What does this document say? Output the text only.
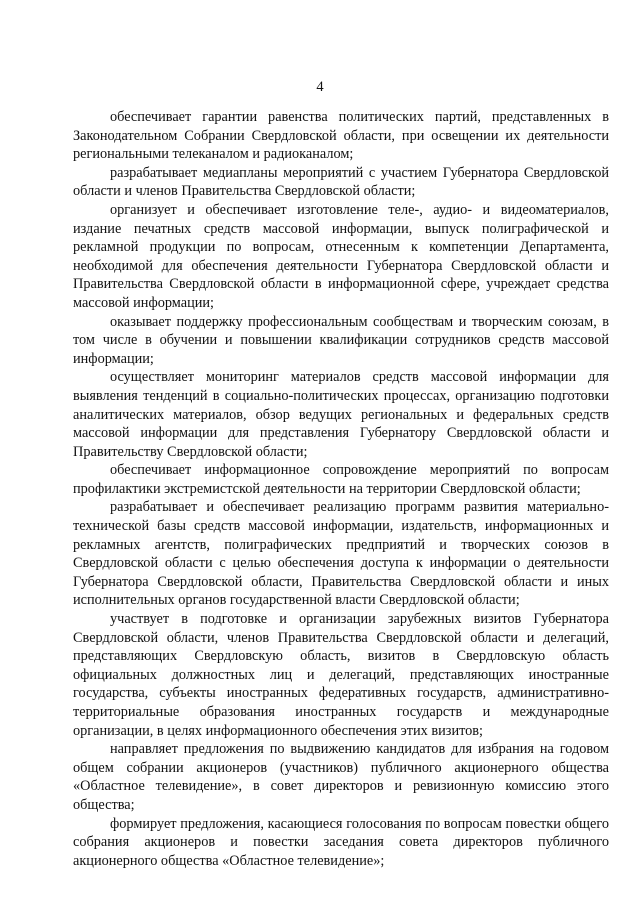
4

обеспечивает гарантии равенства политических партий, представленных в Законодательном Собрании Свердловской области, при освещении их деятельности региональными телеканалом и радиоканалом;

разрабатывает медиапланы мероприятий с участием Губернатора Свердловской области и членов Правительства Свердловской области;

организует и обеспечивает изготовление теле-, аудио- и видеоматериалов, издание печатных средств массовой информации, выпуск полиграфической и рекламной продукции по вопросам, отнесенным к компетенции Департамента, необходимой для обеспечения деятельности Губернатора Свердловской области и Правительства Свердловской области в информационной сфере, учреждает средства массовой информации;

оказывает поддержку профессиональным сообществам и творческим союзам, в том числе в обучении и повышении квалификации сотрудников средств массовой информации;

осуществляет мониторинг материалов средств массовой информации для выявления тенденций в социально-политических процессах, организацию подготовки аналитических материалов, обзор ведущих региональных и федеральных средств массовой информации для представления Губернатору Свердловской области и Правительству Свердловской области;

обеспечивает информационное сопровождение мероприятий по вопросам профилактики экстремистской деятельности на территории Свердловской области;

разрабатывает и обеспечивает реализацию программ развития материально-технической базы средств массовой информации, издательств, информационных и рекламных агентств, полиграфических предприятий и творческих союзов в Свердловской области с целью обеспечения доступа к информации о деятельности Губернатора Свердловской области, Правительства Свердловской области и иных исполнительных органов государственной власти Свердловской области;

участвует в подготовке и организации зарубежных визитов Губернатора Свердловской области, членов Правительства Свердловской области и делегаций, представляющих Свердловскую область, визитов в Свердловскую область официальных должностных лиц и делегаций, представляющих иностранные государства, субъекты иностранных федеративных государств, административно-территориальные образования иностранных государств и международные организации, в целях информационного обеспечения этих визитов;

направляет предложения по выдвижению кандидатов для избрания на годовом общем собрании акционеров (участников) публичного акционерного общества «Областное телевидение», в совет директоров и ревизионную комиссию этого общества;

формирует предложения, касающиеся голосования по вопросам повестки общего собрания акционеров и повестки заседания совета директоров публичного акционерного общества «Областное телевидение»;
